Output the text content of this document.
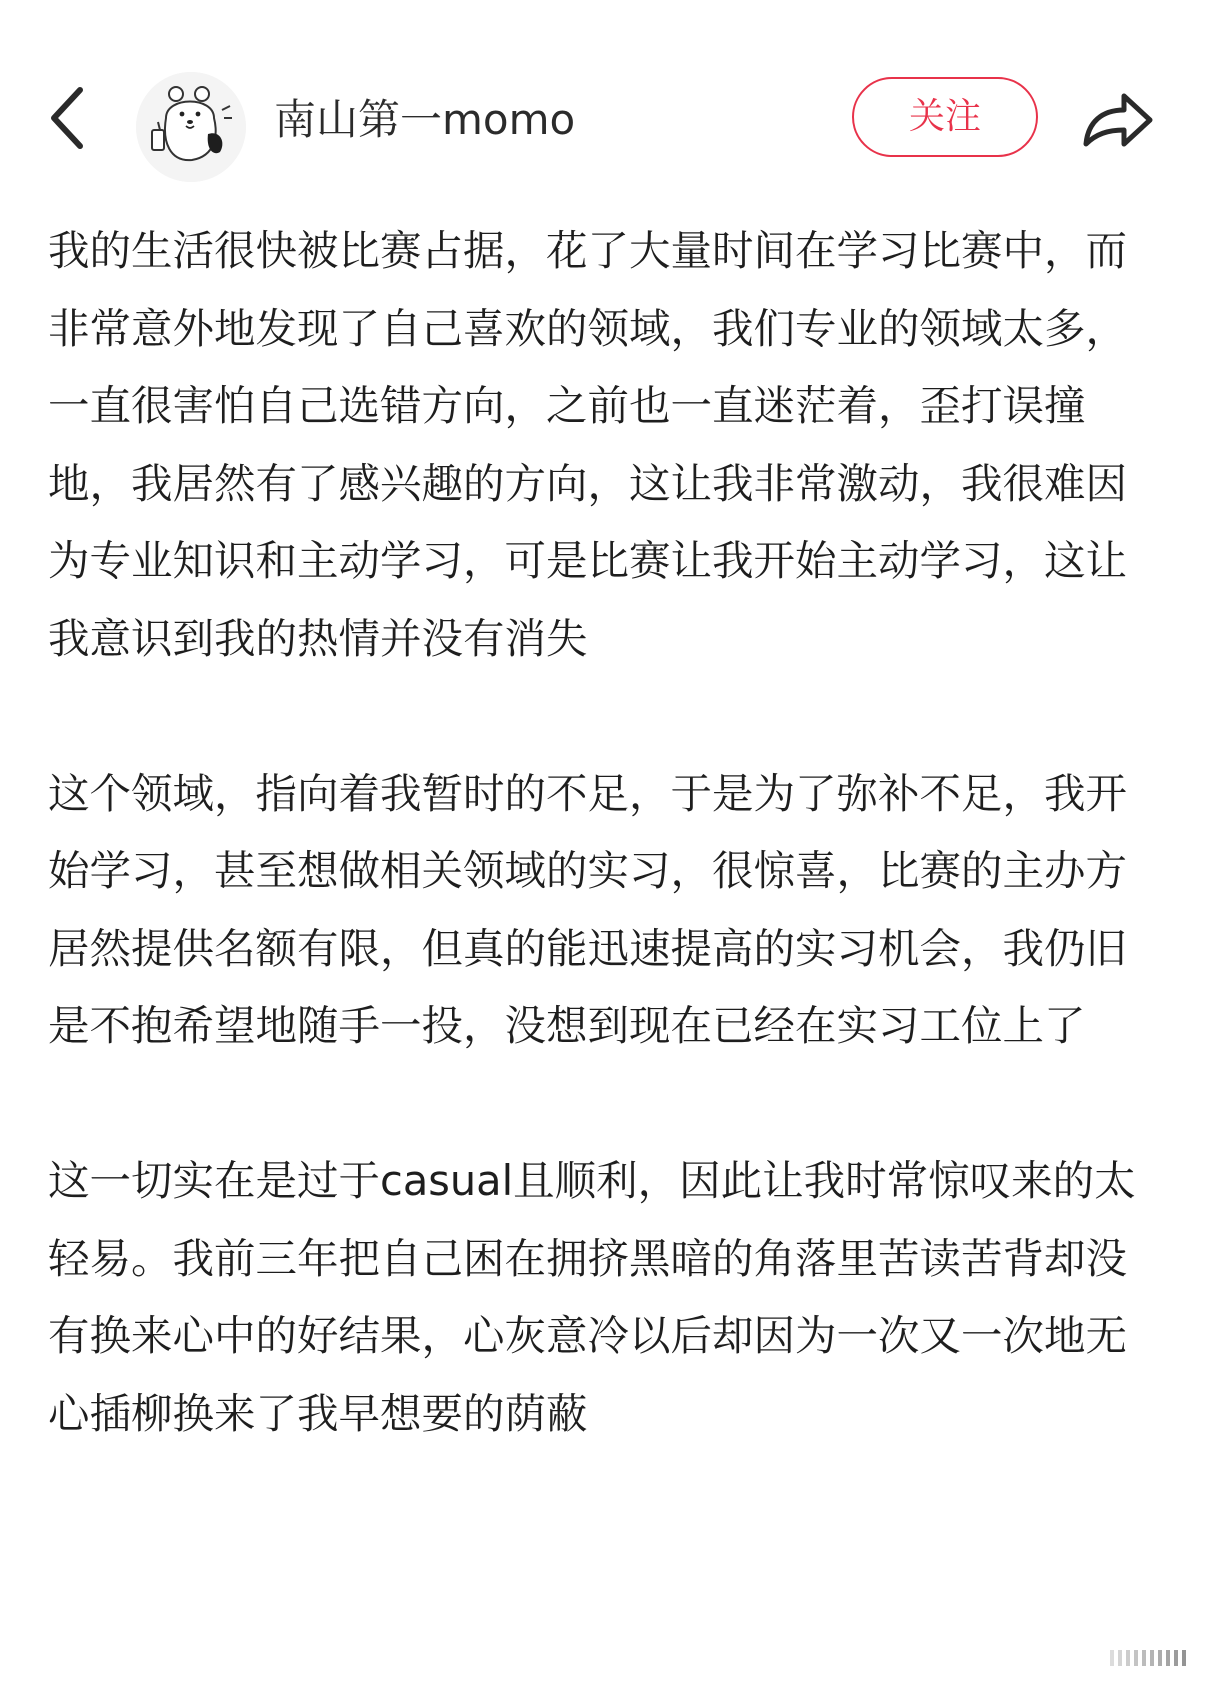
南山第一momo	关注

我的生活很快被比赛占据，花了大量时间在学习比赛中，而非常意外地发现了自己喜欢的领域，我们专业的领域太多，一直很害怕自己选错方向，之前也一直迷茫着，歪打误撞地，我居然有了感兴趣的方向，这让我非常激动，我很难因为专业知识和主动学习，可是比赛让我开始主动学习，这让我意识到我的热情并没有消失

这个领域，指向着我暂时的不足，于是为了弥补不足，我开始学习，甚至想做相关领域的实习，很惊喜，比赛的主办方居然提供名额有限，但真的能迅速提高的实习机会，我仍旧是不抱希望地随手一投，没想到现在已经在实习工位上了

这一切实在是过于casual且顺利，因此让我时常惊叹来的太轻易。我前三年把自己困在拥挤黑暗的角落里苦读苦背却没有换来心中的好结果，心灰意冷以后却因为一次又一次地无心插柳换来了我早想要的荫蔽
